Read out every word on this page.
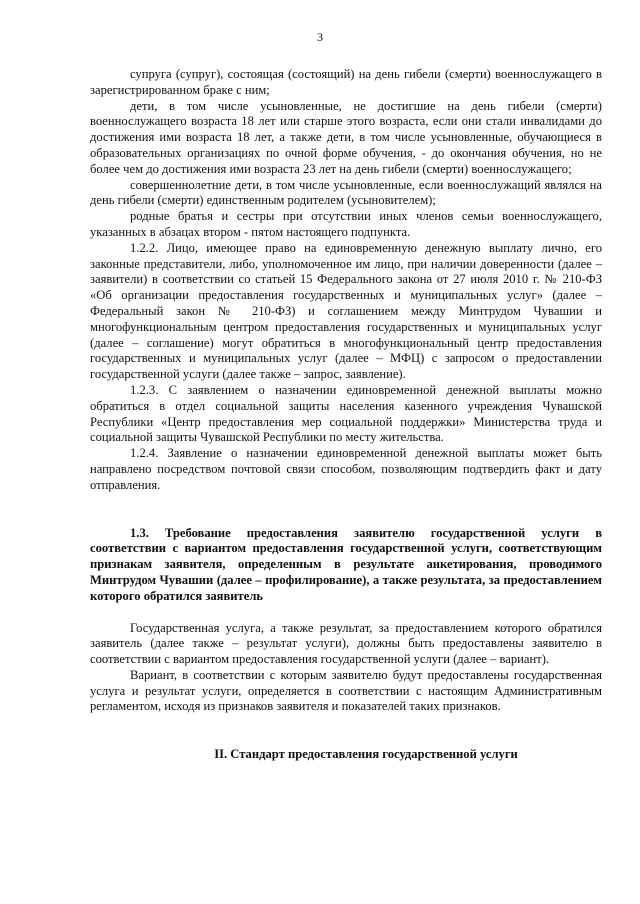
3

супруга (супруг), состоящая (состоящий) на день гибели (смерти) военнослужащего в зарегистрированном браке с ним;

дети, в том числе усыновленные, не достигшие на день гибели (смерти) военнослужащего возраста 18 лет или старше этого возраста, если они стали инвалидами до достижения ими возраста 18 лет, а также дети, в том числе усыновленные, обучающиеся в образовательных организациях по очной форме обучения, - до окончания обучения, но не более чем до достижения ими возраста 23 лет на день гибели (смерти) военнослужащего;

совершеннолетние дети, в том числе усыновленные, если военнослужащий являлся на день гибели (смерти) единственным родителем (усыновителем);

родные братья и сестры при отсутствии иных членов семьи военнослужащего, указанных в абзацах втором - пятом настоящего подпункта.

1.2.2. Лицо, имеющее право на единовременную денежную выплату лично, его законные представители, либо, уполномоченное им лицо, при наличии доверенности (далее – заявители) в соответствии со статьей 15 Федерального закона от 27 июля 2010 г. № 210-ФЗ «Об организации предоставления государственных и муниципальных услуг» (далее – Федеральный закон № 210-ФЗ) и соглашением между Минтрудом Чувашии и многофункциональным центром предоставления государственных и муниципальных услуг (далее – соглашение) могут обратиться в многофункциональный центр предоставления государственных и муниципальных услуг (далее – МФЦ) с запросом о предоставлении государственной услуги (далее также – запрос, заявление).

1.2.3. С заявлением о назначении единовременной денежной выплаты можно обратиться в отдел социальной защиты населения казенного учреждения Чувашской Республики «Центр предоставления мер социальной поддержки» Министерства труда и социальной защиты Чувашской Республики по месту жительства.

1.2.4. Заявление о назначении единовременной денежной выплаты может быть направлено посредством почтовой связи способом, позволяющим подтвердить факт и дату отправления.

1.3. Требование предоставления заявителю государственной услуги в соответствии с вариантом предоставления государственной услуги, соответствующим признакам заявителя, определенным в результате анкетирования, проводимого Минтрудом Чувашии (далее – профилирование), а также результата, за предоставлением которого обратился заявитель

Государственная услуга, а также результат, за предоставлением которого обратился заявитель (далее также – результат услуги), должны быть предоставлены заявителю в соответствии с вариантом предоставления государственной услуги (далее – вариант).

Вариант, в соответствии с которым заявителю будут предоставлены государственная услуга и результат услуги, определяется в соответствии с настоящим Административным регламентом, исходя из признаков заявителя и показателей таких признаков.

II. Стандарт предоставления государственной услуги
